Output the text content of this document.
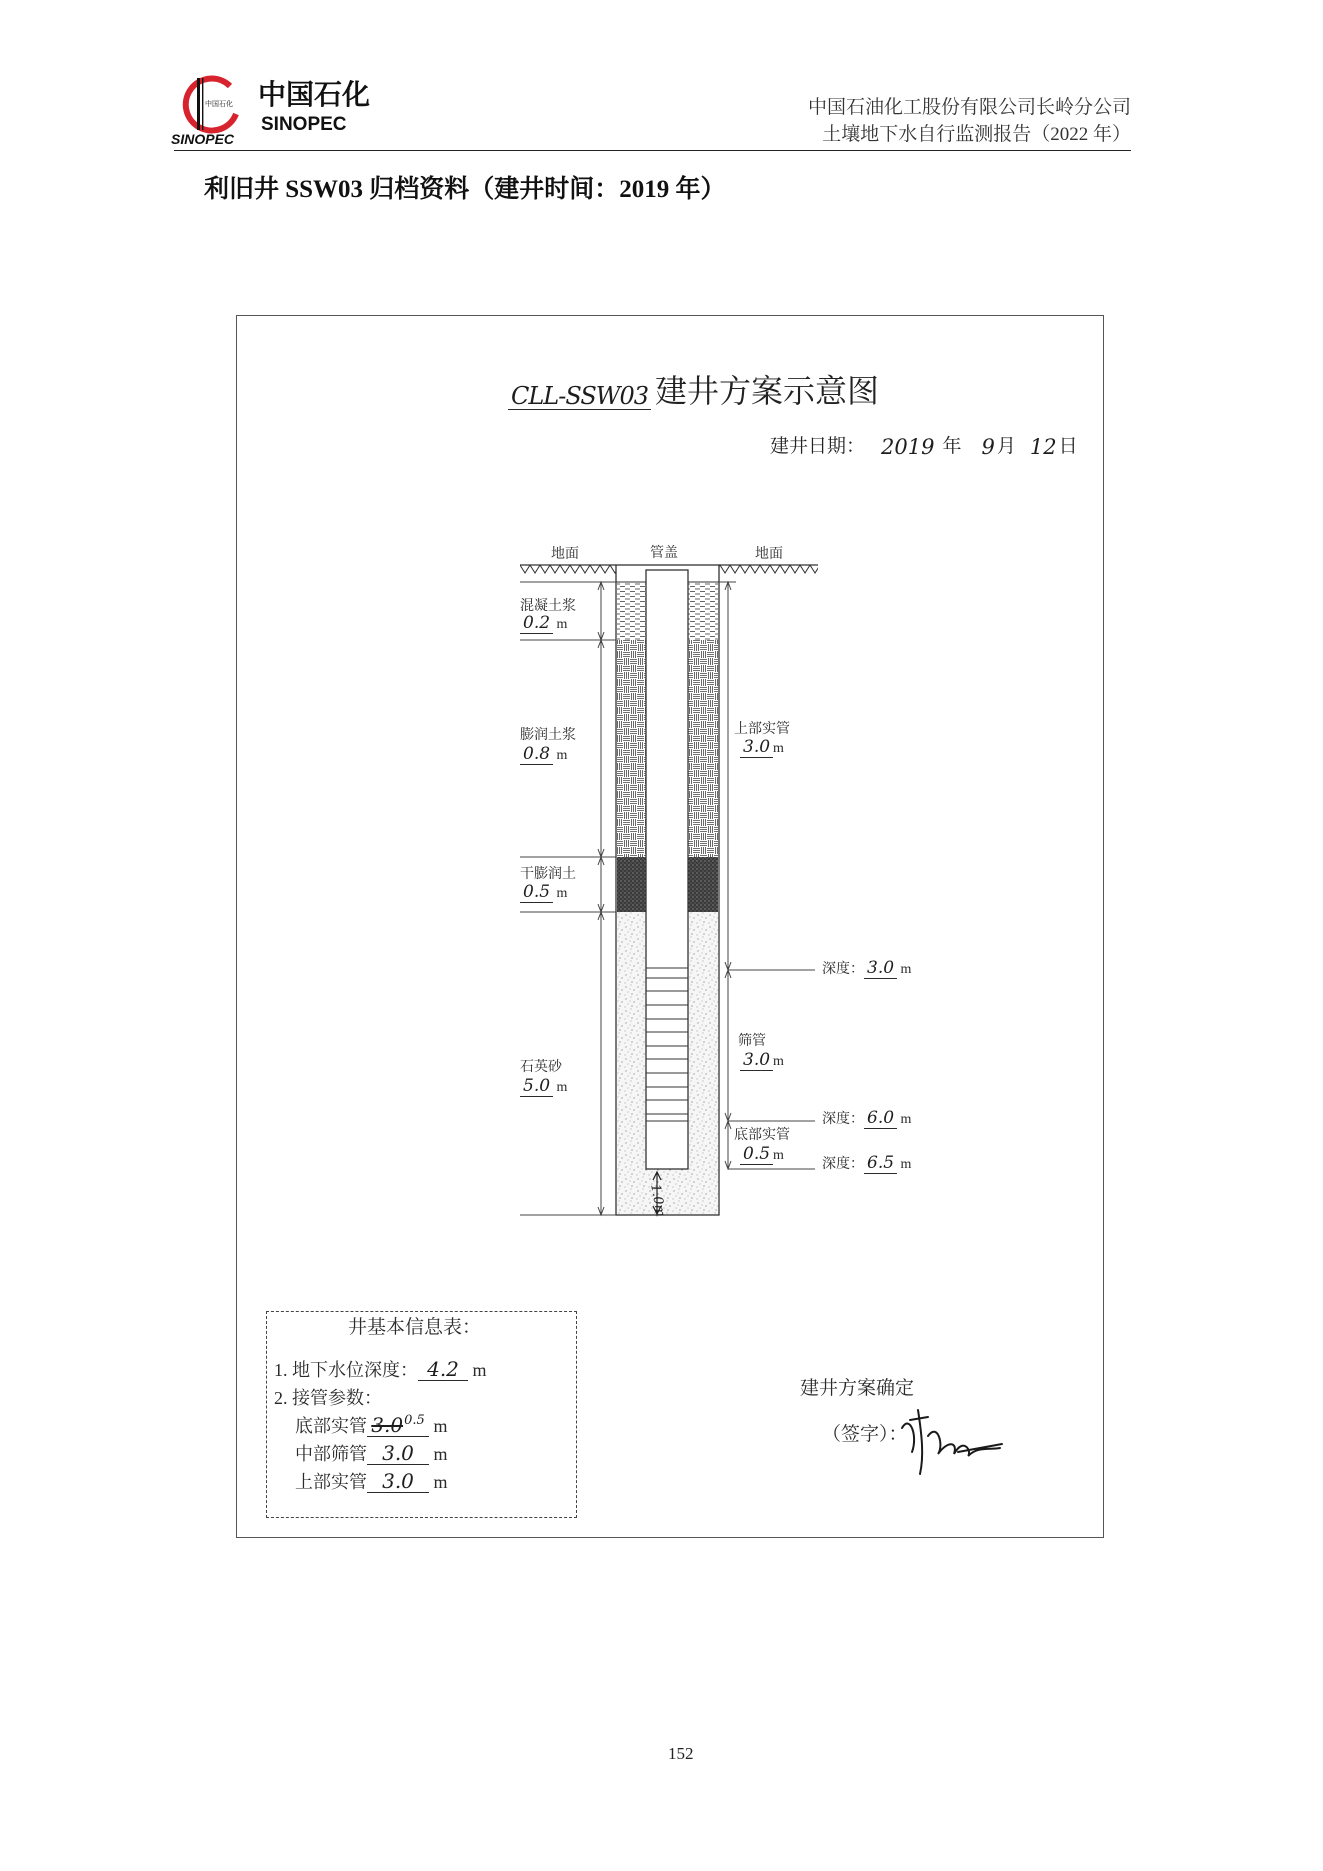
中国石化
SINOPEC
中国石化
SINOPEC
中国石油化工股份有限公司长岭分公司
土壤地下水自行监测报告（2022 年）
利旧井 SSW03 归档资料（建井时间：2019 年）
CLL-SSW03 建井方案示意图
建井日期： 2019 年 9 月 12 日
地面	管盖	地面
混凝土浆
0.2 m
膨润土浆
0.8 m
干膨润土
0.5 m
石英砂
5.0 m
上部实管
3.0 m
筛管
3.0 m
底部实管
0.5 m
深度： 3.0 m
深度： 6.0 m
深度： 6.5 m
1.0m
井基本信息表：
1. 地下水位深度： 4.2 m
2. 接管参数：
底部实管 $3.0^{0.5}$ m
中部筛管 3.0 m
上部实管 3.0 m
建井方案确定
（签字）：
152
